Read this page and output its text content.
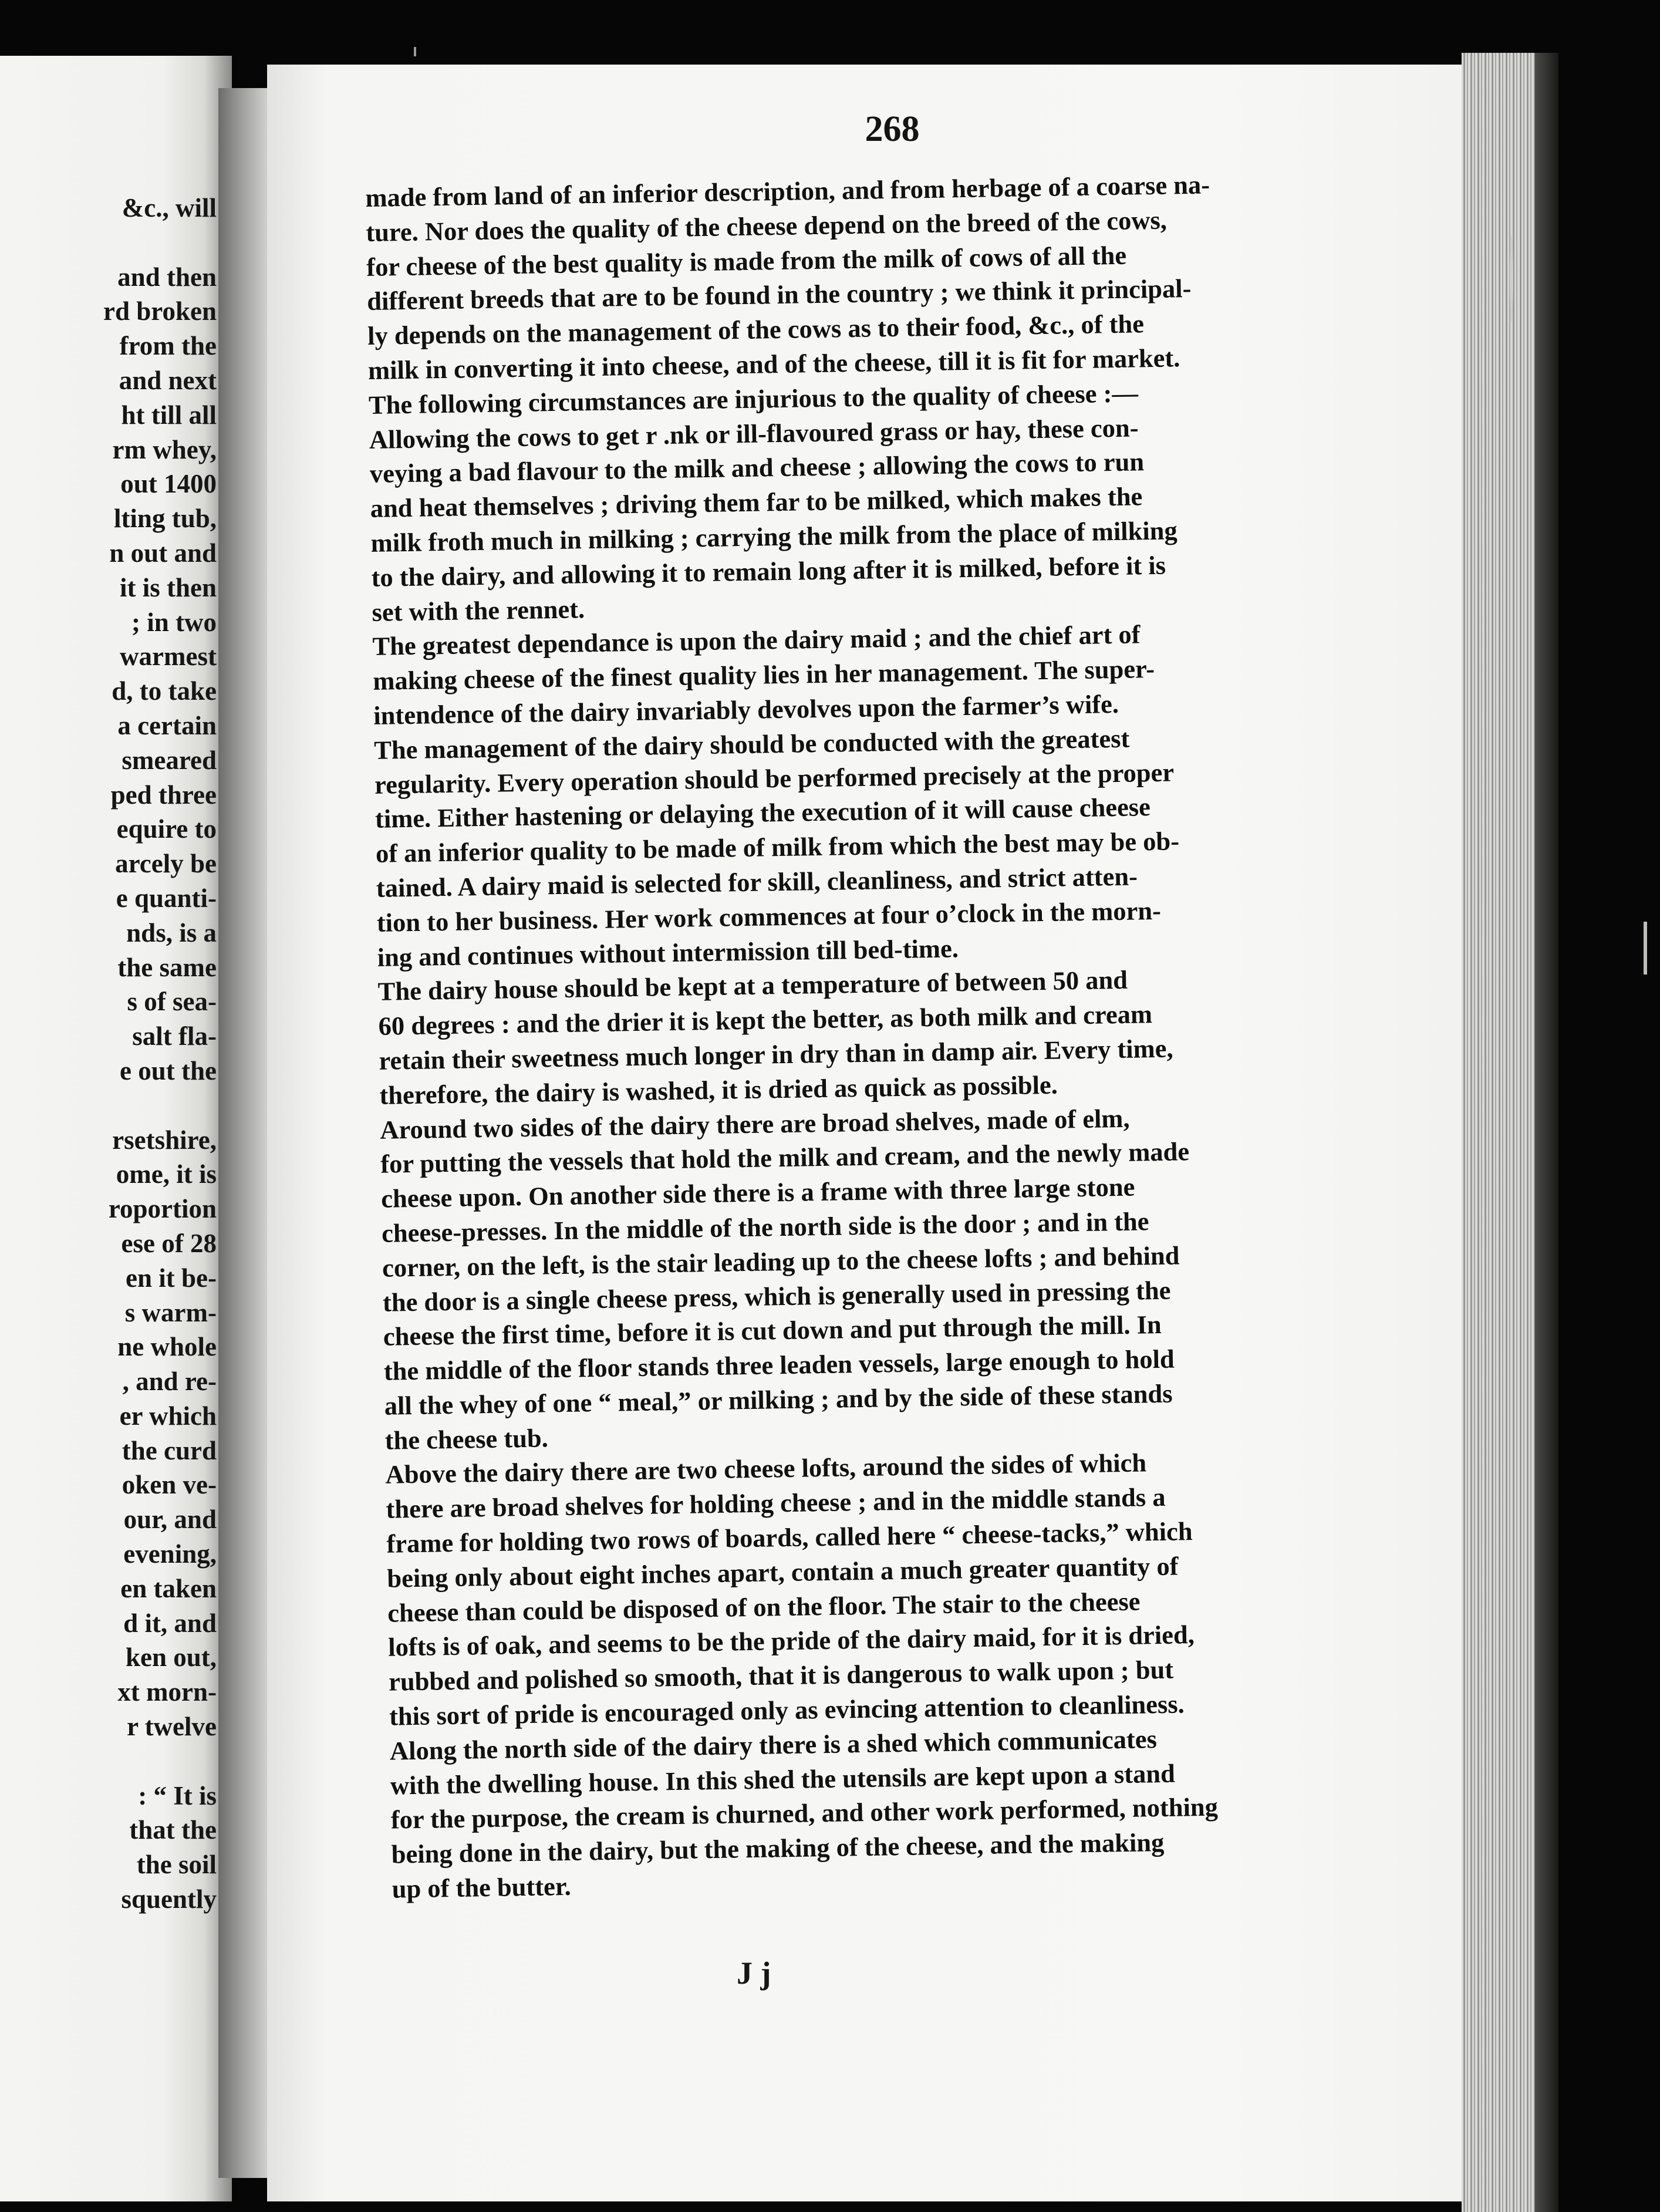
&c., will
and then
rd broken
from the
and next
ht till all
rm whey,
out 1400
lting tub,
n out and
it is then
; in two
warmest
d, to take
a certain
smeared
ped three
equire to
arcely be
e quanti-
nds, is a
the same
s of sea-
salt fla-
e out the
rsetshire,
ome, it is
roportion
ese of 28
en it be-
s warm-
ne whole
, and re-
er which
the curd
oken ve-
our, and
evening,
en taken
d it, and
ken out,
xt morn-
r twelve
: “ It is
that the
the soil
squently
268
made from land of an inferior description, and from herbage of a coarse na-
ture. Nor does the quality of the cheese depend on the breed of the cows,
for cheese of the best quality is made from the milk of cows of all the
different breeds that are to be found in the country ; we think it principal-
ly depends on the management of the cows as to their food, &c., of the
milk in converting it into cheese, and of the cheese, till it is fit for market.
The following circumstances are injurious to the quality of cheese :—
Allowing the cows to get r .nk or ill-flavoured grass or hay, these con-
veying a bad flavour to the milk and cheese ; allowing the cows to run
and heat themselves ; driving them far to be milked, which makes the
milk froth much in milking ; carrying the milk from the place of milking
to the dairy, and allowing it to remain long after it is milked, before it is
set with the rennet.
The greatest dependance is upon the dairy maid ; and the chief art of
making cheese of the finest quality lies in her management. The super-
intendence of the dairy invariably devolves upon the farmer’s wife.
The management of the dairy should be conducted with the greatest
regularity. Every operation should be performed precisely at the proper
time. Either hastening or delaying the execution of it will cause cheese
of an inferior quality to be made of milk from which the best may be ob-
tained. A dairy maid is selected for skill, cleanliness, and strict atten-
tion to her business. Her work commences at four o’clock in the morn-
ing and continues without intermission till bed-time.
The dairy house should be kept at a temperature of between 50 and
60 degrees : and the drier it is kept the better, as both milk and cream
retain their sweetness much longer in dry than in damp air. Every time,
therefore, the dairy is washed, it is dried as quick as possible.
Around two sides of the dairy there are broad shelves, made of elm,
for putting the vessels that hold the milk and cream, and the newly made
cheese upon. On another side there is a frame with three large stone
cheese-presses. In the middle of the north side is the door ; and in the
corner, on the left, is the stair leading up to the cheese lofts ; and behind
the door is a single cheese press, which is generally used in pressing the
cheese the first time, before it is cut down and put through the mill. In
the middle of the floor stands three leaden vessels, large enough to hold
all the whey of one “ meal,” or milking ; and by the side of these stands
the cheese tub.
Above the dairy there are two cheese lofts, around the sides of which
there are broad shelves for holding cheese ; and in the middle stands a
frame for holding two rows of boards, called here “ cheese-tacks,” which
being only about eight inches apart, contain a much greater quantity of
cheese than could be disposed of on the floor. The stair to the cheese
lofts is of oak, and seems to be the pride of the dairy maid, for it is dried,
rubbed and polished so smooth, that it is dangerous to walk upon ; but
this sort of pride is encouraged only as evincing attention to cleanliness.
Along the north side of the dairy there is a shed which communicates
with the dwelling house. In this shed the utensils are kept upon a stand
for the purpose, the cream is churned, and other work performed, nothing
being done in the dairy, but the making of the cheese, and the making
up of the butter.
J j
